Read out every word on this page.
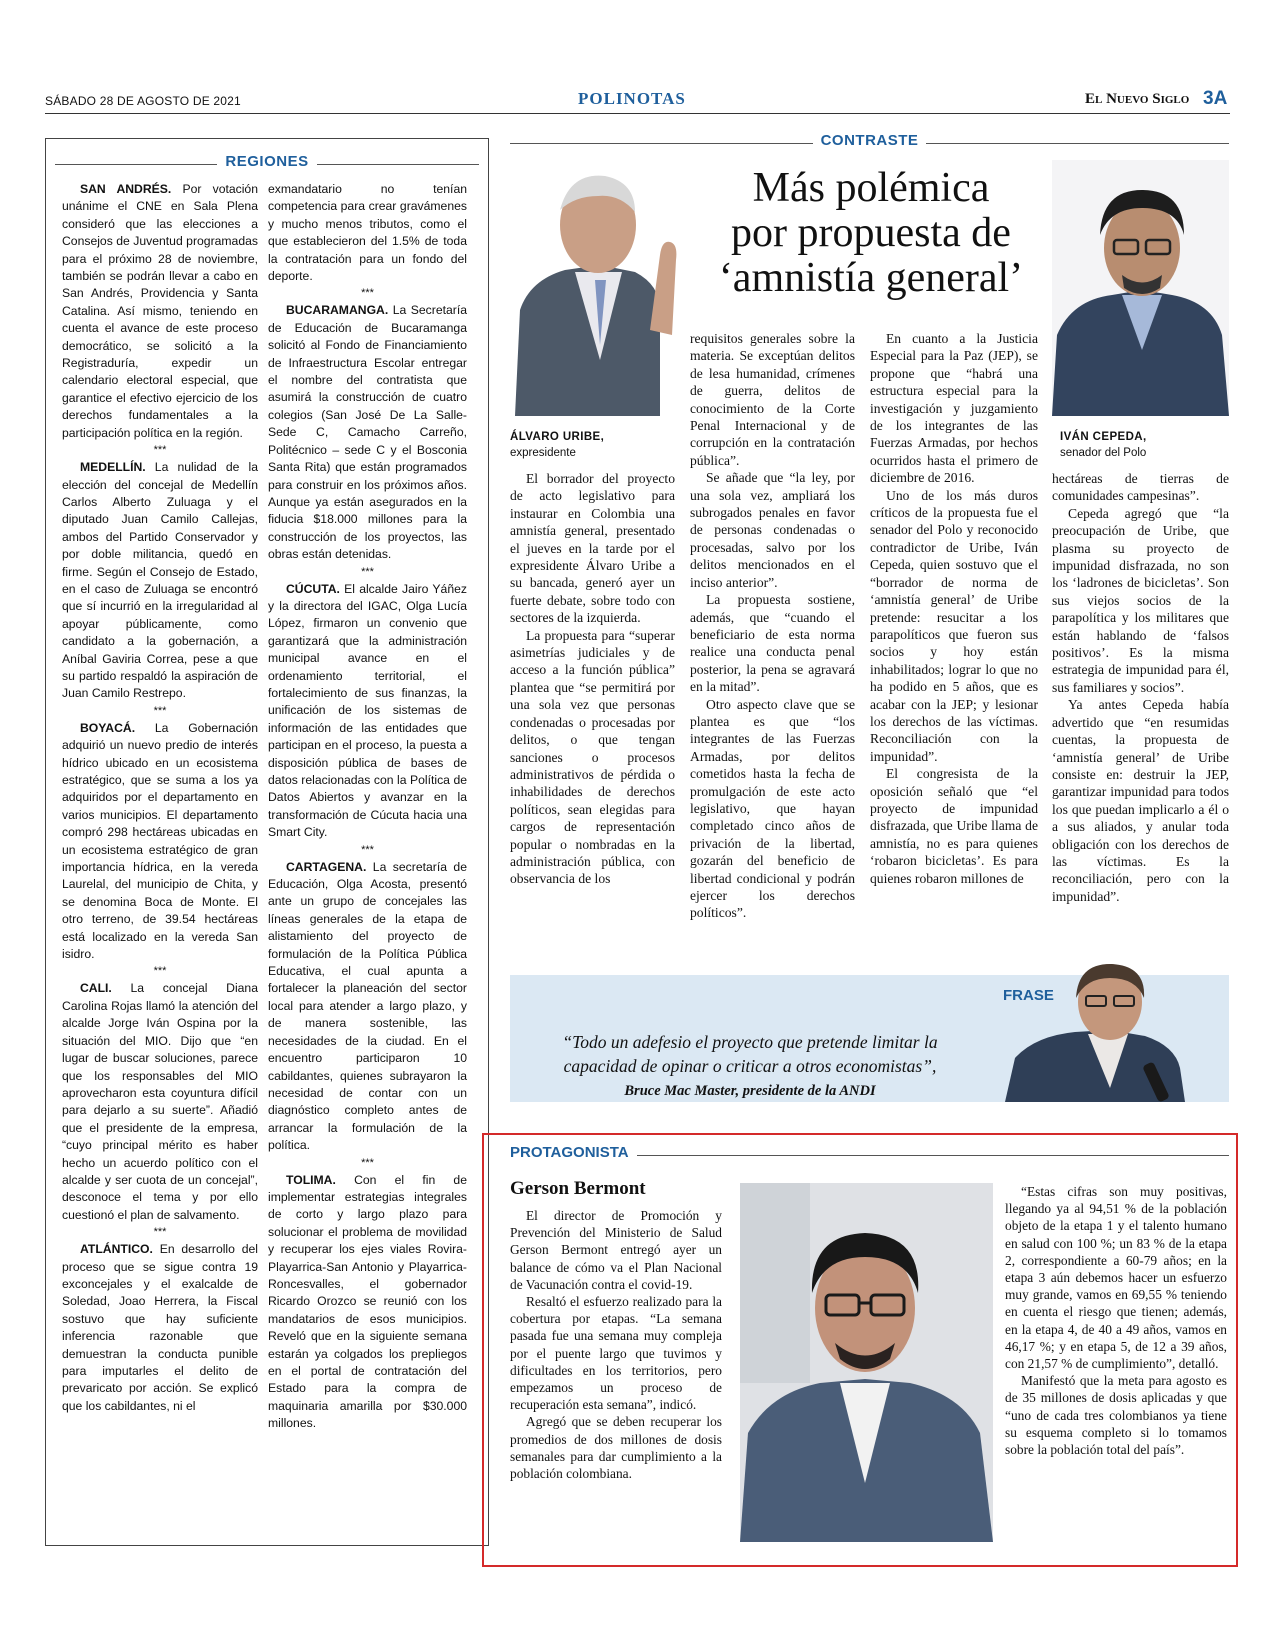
SÁBADO 28 DE AGOSTO DE 2021	POLINOTAS	El Nuevo Siglo 3A
REGIONES

SAN ANDRÉS. Por votación unánime el CNE en Sala Plena consideró que las elecciones a Consejos de Juventud programadas para el próximo 28 de noviembre, también se podrán llevar a cabo en San Andrés, Providencia y Santa Catalina. Así mismo, teniendo en cuenta el avance de este proceso democrático, se solicitó a la Registraduría, expedir un calendario electoral especial, que garantice el efectivo ejercicio de los derechos fundamentales a la participación política en la región.

***

MEDELLÍN. La nulidad de la elección del concejal de Medellín Carlos Alberto Zuluaga y el diputado Juan Camilo Callejas, ambos del Partido Conservador y por doble militancia, quedó en firme. Según el Consejo de Estado, en el caso de Zuluaga se encontró que sí incurrió en la irregularidad al apoyar públicamente, como candidato a la gobernación, a Aníbal Gaviria Correa, pese a que su partido respaldó la aspiración de Juan Camilo Restrepo.

***

BOYACÁ. La Gobernación adquirió un nuevo predio de interés hídrico ubicado en un ecosistema estratégico, que se suma a los ya adquiridos por el departamento en varios municipios. El departamento compró 298 hectáreas ubicadas en un ecosistema estratégico de gran importancia hídrica, en la vereda Laurelal, del municipio de Chita, y se denomina Boca de Monte. El otro terreno, de 39.54 hectáreas está localizado en la vereda San isidro.

***

CALI. La concejal Diana Carolina Rojas llamó la atención del alcalde Jorge Iván Ospina por la situación del MIO. Dijo que “en lugar de buscar soluciones, parece que los responsables del MIO aprovecharon esta coyuntura difícil para dejarlo a su suerte”. Añadió que el presidente de la empresa, “cuyo principal mérito es haber hecho un acuerdo político con el alcalde y ser cuota de un concejal”, desconoce el tema y por ello cuestionó el plan de salvamento.

***

ATLÁNTICO. En desarrollo del proceso que se sigue contra 19 exconcejales y el exalcalde de Soledad, Joao Herrera, la Fiscal sostuvo que hay suficiente inferencia razonable que demuestran la conducta punible para imputarles el delito de prevaricato por acción. Se explicó que los cabildantes, ni el

exmandatario no tenían competencia para crear gravámenes y mucho menos tributos, como el que establecieron del 1.5% de toda la contratación para un fondo del deporte.

***

BUCARAMANGA. La Secretaría de Educación de Bucaramanga solicitó al Fondo de Financiamiento de Infraestructura Escolar entregar el nombre del contratista que asumirá la construcción de cuatro colegios (San José De La Salle- Sede C, Camacho Carreño, Politécnico – sede C y el Bosconia Santa Rita) que están programados para construir en los próximos años. Aunque ya están asegurados en la fiducia $18.000 millones para la construcción de los proyectos, las obras están detenidas.

***

CÚCUTA. El alcalde Jairo Yáñez y la directora del IGAC, Olga Lucía López, firmaron un convenio que garantizará que la administración municipal avance en el ordenamiento territorial, el fortalecimiento de sus finanzas, la unificación de los sistemas de información de las entidades que participan en el proceso, la puesta a disposición pública de bases de datos relacionadas con la Política de Datos Abiertos y avanzar en la transformación de Cúcuta hacia una Smart City.

***

CARTAGENA. La secretaría de Educación, Olga Acosta, presentó ante un grupo de concejales las líneas generales de la etapa de alistamiento del proyecto de formulación de la Política Pública Educativa, el cual apunta a fortalecer la planeación del sector local para atender a largo plazo, y de manera sostenible, las necesidades de la ciudad. En el encuentro participaron 10 cabildantes, quienes subrayaron la necesidad de contar con un diagnóstico completo antes de arrancar la formulación de la política.

***

TOLIMA. Con el fin de implementar estrategias integrales de corto y largo plazo para solucionar el problema de movilidad y recuperar los ejes viales Rovira-Playarrica-San Antonio y Playarrica-Roncesvalles, el gobernador Ricardo Orozco se reunió con los mandatarios de esos municipios. Reveló que en la siguiente semana estarán ya colgados los prepliegos en el portal de contratación del Estado para la compra de maquinaria amarilla por $30.000 millones.

CONTRASTE
Más polémica
por propuesta de
‘amnistía general’
ÁLVARO URIBE,
expresidente
IVÁN CEPEDA,
senador del Polo

El borrador del proyecto de acto legislativo para instaurar en Colombia una amnistía general, presentado el jueves en la tarde por el expresidente Álvaro Uribe a su bancada, generó ayer un fuerte debate, sobre todo con sectores de la izquierda.

La propuesta para “superar asimetrías judiciales y de acceso a la función pública” plantea que “se permitirá por una sola vez que personas condenadas o procesadas por delitos, o que tengan sanciones o procesos administrativos de pérdida o inhabilidades de derechos políticos, sean elegidas para cargos de representación popular o nombradas en la administración pública, con observancia de los

requisitos generales sobre la materia. Se exceptúan delitos de lesa humanidad, crímenes de guerra, delitos de conocimiento de la Corte Penal Internacional y de corrupción en la contratación pública”.

Se añade que “la ley, por una sola vez, ampliará los subrogados penales en favor de personas condenadas o procesadas, salvo por los delitos mencionados en el inciso anterior”.

La propuesta sostiene, además, que “cuando el beneficiario de esta norma realice una conducta penal posterior, la pena se agravará en la mitad”.

Otro aspecto clave que se plantea es que “los integrantes de las Fuerzas Armadas, por delitos cometidos hasta la fecha de promulgación de este acto legislativo, que hayan completado cinco años de privación de la libertad, gozarán del beneficio de libertad condicional y podrán ejercer los derechos políticos”.

En cuanto a la Justicia Especial para la Paz (JEP), se propone que “habrá una estructura especial para la investigación y juzgamiento de los integrantes de las Fuerzas Armadas, por hechos ocurridos hasta el primero de diciembre de 2016.

Uno de los más duros críticos de la propuesta fue el senador del Polo y reconocido contradictor de Uribe, Iván Cepeda, quien sostuvo que el “borrador de norma de ‘amnistía general’ de Uribe pretende: resucitar a los parapolíticos que fueron sus socios y hoy están inhabilitados; lograr lo que no ha podido en 5 años, que es acabar con la JEP; y lesionar los derechos de las víctimas. Reconciliación con la impunidad”.

El congresista de la oposición señaló que “el proyecto de impunidad disfrazada, que Uribe llama de amnistía, no es para quienes ‘robaron bicicletas’. Es para quienes robaron millones de

hectáreas de tierras de comunidades campesinas”.

Cepeda agregó que “la preocupación de Uribe, que plasma su proyecto de impunidad disfrazada, no son los ‘ladrones de bicicletas’. Son sus viejos socios de la parapolítica y los militares que están hablando de ‘falsos positivos’. Es la misma estrategia de impunidad para él, sus familiares y socios”.

Ya antes Cepeda había advertido que “en resumidas cuentas, la propuesta de ‘amnistía general’ de Uribe consiste en: destruir la JEP, garantizar impunidad para todos los que puedan implicarlo a él o a sus aliados, y anular toda obligación con los derechos de las víctimas. Es la reconciliación, pero con la impunidad”.

FRASE
“Todo un adefesio el proyecto que pretende limitar la
capacidad de opinar o criticar a otros economistas”,
Bruce Mac Master, presidente de la ANDI
PROTAGONISTA
Gerson Bermont

El director de Promoción y Prevención del Ministerio de Salud Gerson Bermont entregó ayer un balance de cómo va el Plan Nacional de Vacunación contra el covid-19.

Resaltó el esfuerzo realizado para la cobertura por etapas. “La semana pasada fue una semana muy compleja por el puente largo que tuvimos y dificultades en los territorios, pero empezamos un proceso de recuperación esta semana”, indicó.

Agregó que se deben recuperar los promedios de dos millones de dosis semanales para dar cumplimiento a la población colombiana.

“Estas cifras son muy positivas, llegando ya al 94,51 % de la población objeto de la etapa 1 y el talento humano en salud con 100 %; un 83 % de la etapa 2, correspondiente a 60-79 años; en la etapa 3 aún debemos hacer un esfuerzo muy grande, vamos en 69,55 % teniendo en cuenta el riesgo que tienen; además, en la etapa 4, de 40 a 49 años, vamos en 46,17 %; y en etapa 5, de 12 a 39 años, con 21,57 % de cumplimiento”, detalló.

Manifestó que la meta para agosto es de 35 millones de dosis aplicadas y que “uno de cada tres colombianos ya tiene su esquema completo si lo tomamos sobre la población total del país”.
